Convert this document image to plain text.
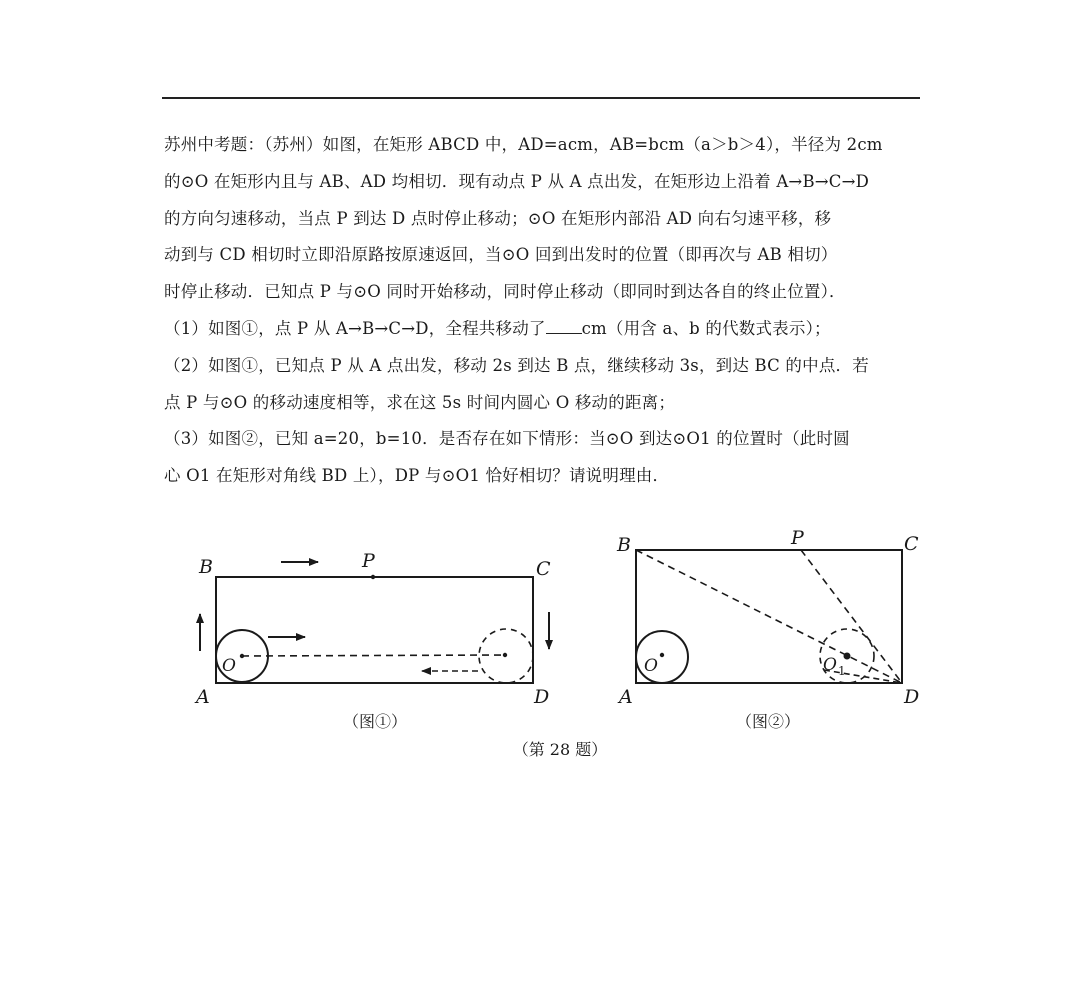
苏州中考题：（苏州）如图，在矩形 ABCD 中，AD=acm，AB=bcm（a＞b＞4），半径为 2cm
的⊙O 在矩形内且与 AB、AD 均相切．现有动点 P 从 A 点出发，在矩形边上沿着 A→B→C→D
的方向匀速移动，当点 P 到达 D 点时停止移动；⊙O 在矩形内部沿 AD 向右匀速平移，移
动到与 CD 相切时立即沿原路按原速返回，当⊙O 回到出发时的位置（即再次与 AB 相切）
时停止移动．已知点 P 与⊙O 同时开始移动，同时停止移动（即同时到达各自的终止位置）．
（1）如图①，点 P 从 A→B→C→D，全程共移动了 cm（用含 a、b 的代数式表示）；
（2）如图①，已知点 P 从 A 点出发，移动 2s 到达 B 点，继续移动 3s，到达 BC 的中点．若
点 P 与⊙O 的移动速度相等，求在这 5s 时间内圆心 O 移动的距离；
（3）如图②，已知 a=20，b=10．是否存在如下情形：当⊙O 到达⊙O1 的位置时（此时圆
心 O1 在矩形对角线 BD 上），DP 与⊙O1 恰好相切？请说明理由．
B	P	C
A	D
O
B	P	C
A	D
O	O 1
（图①）	（图②）
（第 28 题）
